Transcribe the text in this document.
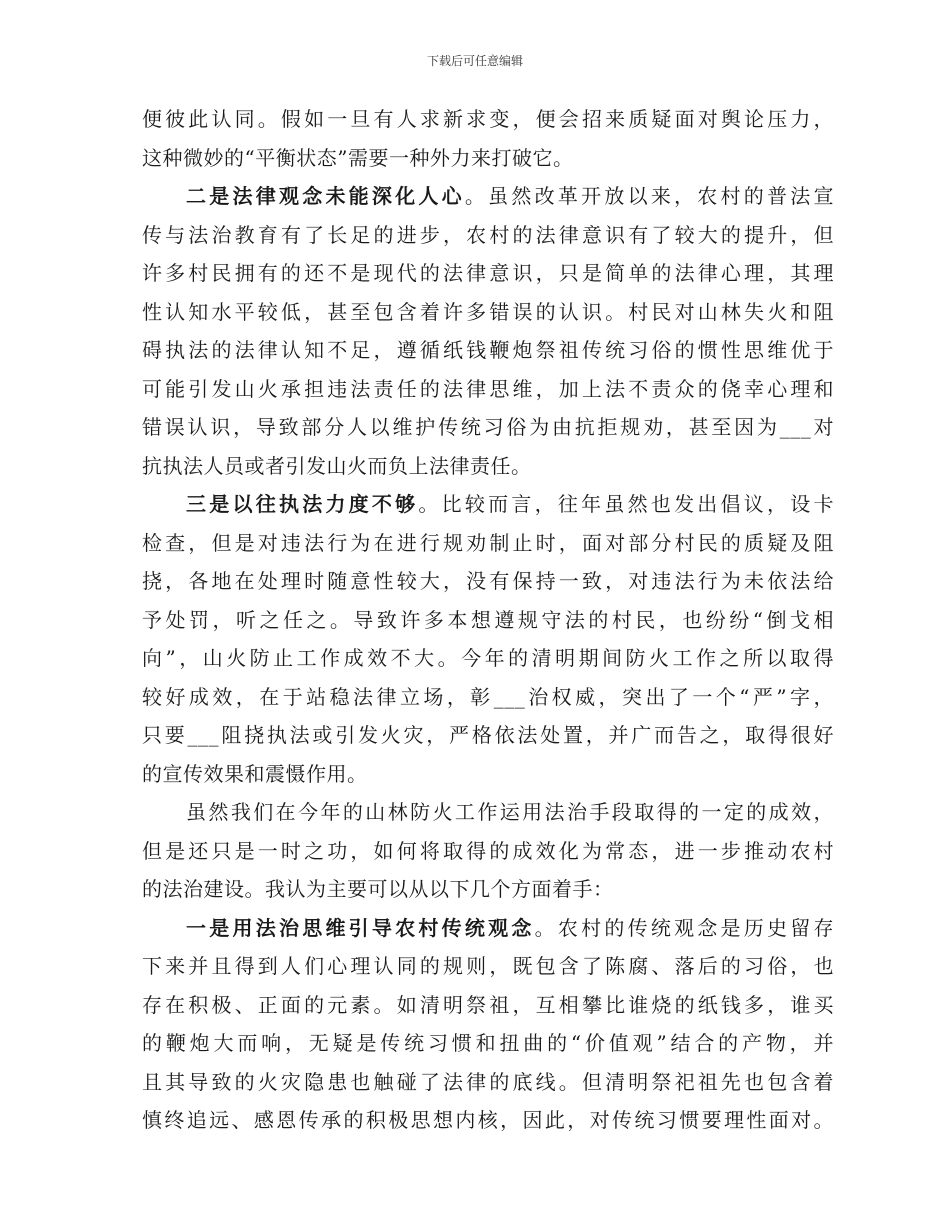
下载后可任意编辑
便彼此认同。假如一旦有人求新求变，便会招来质疑面对舆论压力，
这种微妙的“平衡状态”需要一种外力来打破它。
二是法律观念未能深化人心。虽然改革开放以来，农村的普法宣
传与法治教育有了长足的进步，农村的法律意识有了较大的提升，但
许多村民拥有的还不是现代的法律意识，只是简单的法律心理，其理
性认知水平较低，甚至包含着许多错误的认识。村民对山林失火和阻
碍执法的法律认知不足，遵循纸钱鞭炮祭祖传统习俗的惯性思维优于
可能引发山火承担违法责任的法律思维，加上法不责众的侥幸心理和
错误认识，导致部分人以维护传统习俗为由抗拒规劝，甚至因为___对
抗执法人员或者引发山火而负上法律责任。
三是以往执法力度不够。比较而言，往年虽然也发出倡议，设卡
检查，但是对违法行为在进行规劝制止时，面对部分村民的质疑及阻
挠，各地在处理时随意性较大，没有保持一致，对违法行为未依法给
予处罚，听之任之。导致许多本想遵规守法的村民，也纷纷“倒戈相
向”，山火防止工作成效不大。今年的清明期间防火工作之所以取得
较好成效，在于站稳法律立场，彰___治权威，突出了一个“严”字，
只要___阻挠执法或引发火灾，严格依法处置，并广而告之，取得很好
的宣传效果和震慑作用。
虽然我们在今年的山林防火工作运用法治手段取得的一定的成效，
但是还只是一时之功，如何将取得的成效化为常态，进一步推动农村
的法治建设。我认为主要可以从以下几个方面着手：
一是用法治思维引导农村传统观念。农村的传统观念是历史留存
下来并且得到人们心理认同的规则，既包含了陈腐、落后的习俗，也
存在积极、正面的元素。如清明祭祖，互相攀比谁烧的纸钱多，谁买
的鞭炮大而响，无疑是传统习惯和扭曲的“价值观”结合的产物，并
且其导致的火灾隐患也触碰了法律的底线。但清明祭祀祖先也包含着
慎终追远、感恩传承的积极思想内核，因此，对传统习惯要理性面对。
